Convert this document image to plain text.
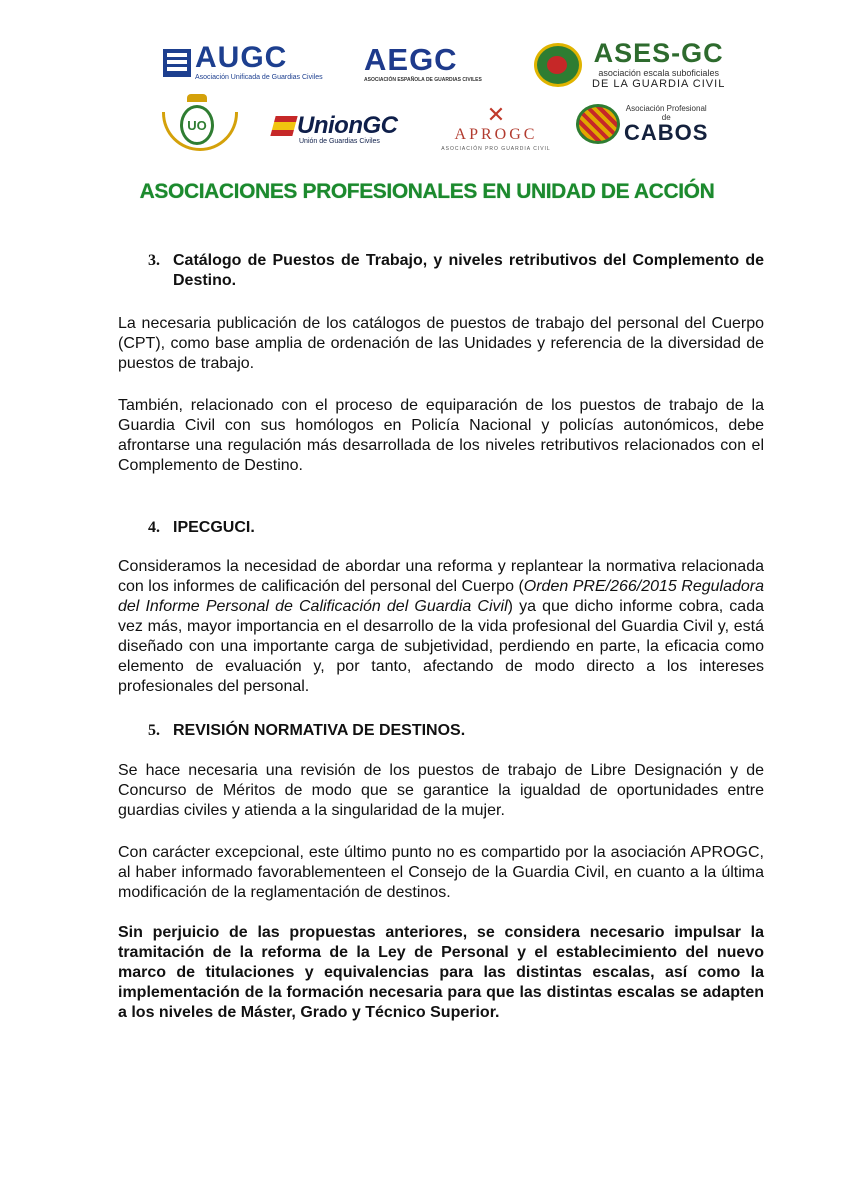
AUGC
Asociación Unificada de Guardias Civiles
AEGC
ASOCIACIÓN ESPAÑOLA DE GUARDIAS CIVILES
ASES-GC
asociación escala suboficiales
DE LA GUARDIA CIVIL
UO	UnionGC
Unión de Guardias Civiles
✕
APROGC
ASOCIACIÓN PRO GUARDIA CIVIL
Asociación Profesional
de
CABOS
ASOCIACIONES PROFESIONALES EN UNIDAD DE ACCIÓN
3. Catálogo de Puestos de Trabajo, y niveles retributivos del Complemento de Destino.

La necesaria publicación de los catálogos de puestos de trabajo del personal del Cuerpo (CPT), como base amplia de ordenación de las Unidades y referencia de la diversidad de puestos de trabajo.

También, relacionado con el proceso de equiparación de los puestos de trabajo de la Guardia Civil con sus homólogos en Policía Nacional y policías autonómicos, debe afrontarse una regulación más desarrollada de los niveles retributivos relacionados con el Complemento de Destino.

4. IPECGUCI.

Consideramos la necesidad de abordar una reforma y replantear la normativa relacionada con los informes de calificación del personal del Cuerpo (Orden PRE/266/2015 Reguladora del Informe Personal de Calificación del Guardia Civil) ya que dicho informe cobra, cada vez más, mayor importancia en el desarrollo de la vida profesional del Guardia Civil y, está diseñado con una importante carga de subjetividad, perdiendo en parte, la eficacia como elemento de evaluación y, por tanto, afectando de modo directo a los intereses profesionales del personal.

5. REVISIÓN NORMATIVA DE DESTINOS.

Se hace necesaria una revisión de los puestos de trabajo de Libre Designación y de Concurso de Méritos de modo que se garantice la igualdad de oportunidades entre guardias civiles y atienda a la singularidad de la mujer.

Con carácter excepcional, este último punto no es compartido por la asociación APROGC, al haber informado favorablementeen el Consejo de la Guardia Civil, en cuanto a la última modificación de la reglamentación de destinos.

Sin perjuicio de las propuestas anteriores, se considera necesario impulsar la tramitación de la reforma de la Ley de Personal y el establecimiento del nuevo marco de titulaciones y equivalencias para las distintas escalas, así como la implementación de la formación necesaria para que las distintas escalas se adapten a los niveles de Máster, Grado y Técnico Superior.
